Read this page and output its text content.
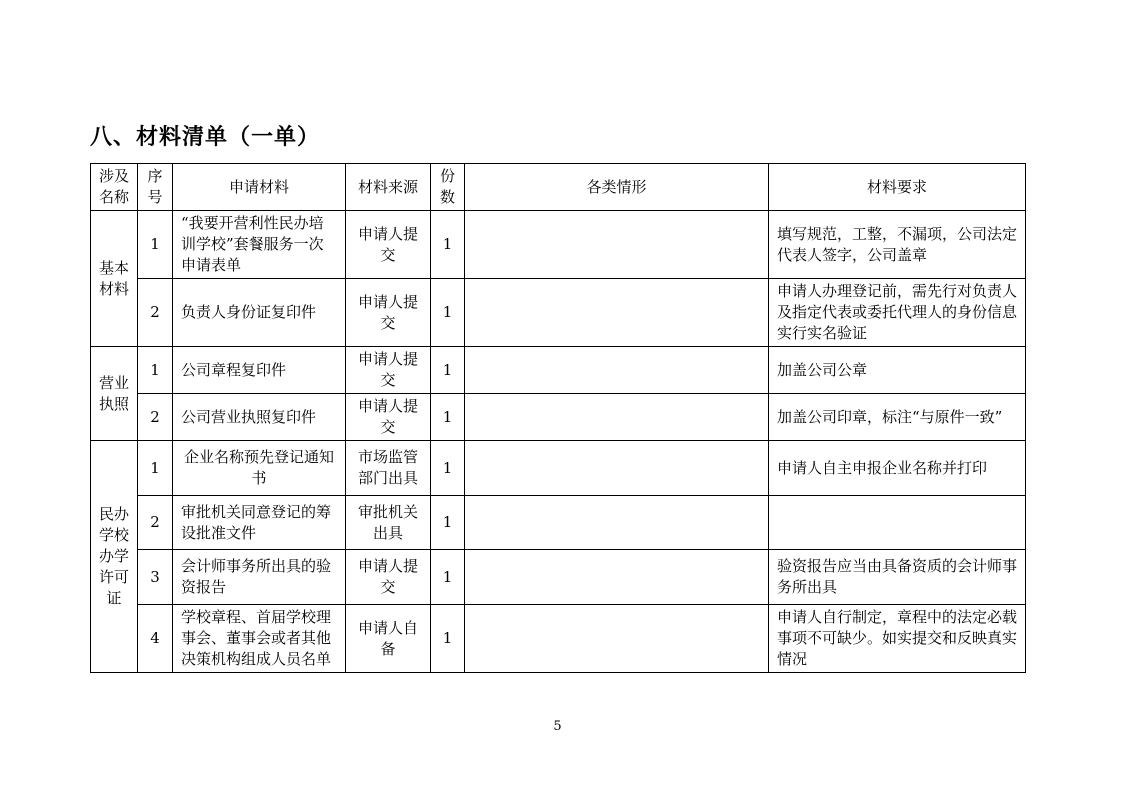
八、材料清单（一单）
涉及名称	序号	申请材料	材料来源	份数	各类情形	材料要求
基本材料	1	“我要开营利性民办培训学校”套餐服务一次申请表单	申请人提交	1		填写规范，工整，不漏项，公司法定代表人签字，公司盖章
	2	负责人身份证复印件	申请人提交	1		申请人办理登记前，需先行对负责人及指定代表或委托代理人的身份信息实行实名验证
营业执照	1	公司章程复印件	申请人提交	1		加盖公司公章
	2	公司营业执照复印件	申请人提交	1		加盖公司印章，标注“与原件一致”
民办学校办学许可证	1	企业名称预先登记通知书	市场监管部门出具	1		申请人自主申报企业名称并打印
	2	审批机关同意登记的筹设批准文件	审批机关出具	1		
	3	会计师事务所出具的验资报告	申请人提交	1		验资报告应当由具备资质的会计师事务所出具
	4	学校章程、首届学校理事会、董事会或者其他决策机构组成人员名单	申请人自备	1		申请人自行制定，章程中的法定必载事项不可缺少。如实提交和反映真实情况
5
